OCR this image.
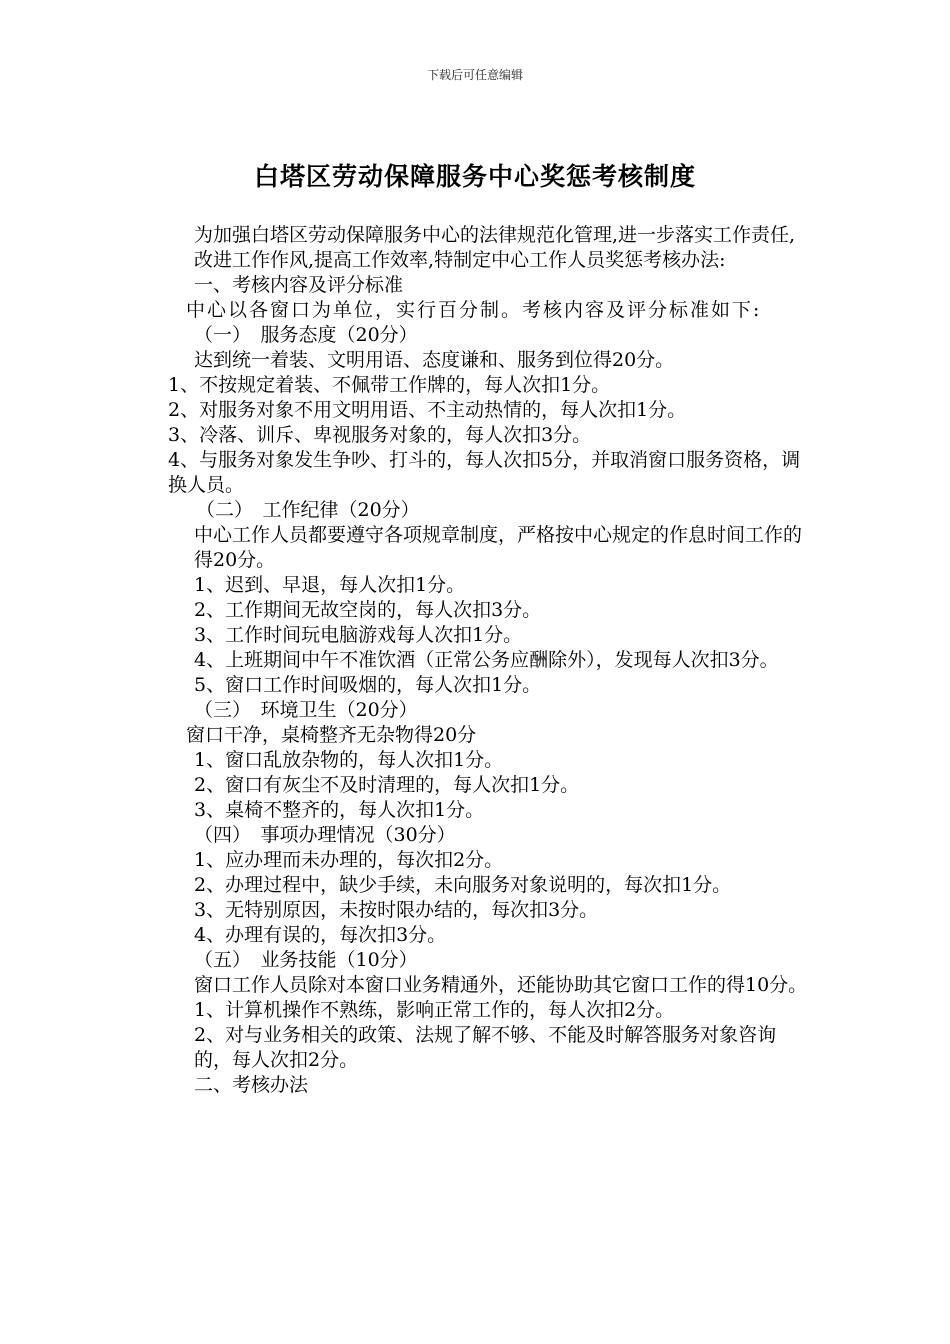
下载后可任意编辑
白塔区劳动保障服务中心奖惩考核制度

为加强白塔区劳动保障服务中心的法律规范化管理,进一步落实工作责任,改进工作作风,提高工作效率,特制定中心工作人员奖惩考核办法:

一、考核内容及评分标准

中心以各窗口为单位，实行百分制。考核内容及评分标准如下:

（一）　服务态度（20分）

达到统一着装、文明用语、态度谦和、服务到位得20分。

1、不按规定着装、不佩带工作牌的，每人次扣1分。

2、对服务对象不用文明用语、不主动热情的，每人次扣1分。

3、冷落、训斥、卑视服务对象的，每人次扣3分。

4、与服务对象发生争吵、打斗的，每人次扣5分，并取消窗口服务资格，调换人员。

（二）　工作纪律（20分）

中心工作人员都要遵守各项规章制度，严格按中心规定的作息时间工作的得20分。

1、迟到、早退，每人次扣1分。

2、工作期间无故空岗的，每人次扣3分。

3、工作时间玩电脑游戏每人次扣1分。

4、上班期间中午不准饮酒（正常公务应酬除外），发现每人次扣3分。

5、窗口工作时间吸烟的，每人次扣1分。

（三）　环境卫生（20分）

窗口干净，桌椅整齐无杂物得20分

1、窗口乱放杂物的，每人次扣1分。

2、窗口有灰尘不及时清理的，每人次扣1分。

3、桌椅不整齐的，每人次扣1分。

（四）　事项办理情况（30分）

1、应办理而未办理的，每次扣2分。

2、办理过程中，缺少手续，未向服务对象说明的，每次扣1分。

3、无特别原因，未按时限办结的，每次扣3分。

4、办理有误的，每次扣3分。

（五）　业务技能（10分）

窗口工作人员除对本窗口业务精通外，还能协助其它窗口工作的得10分。

1、计算机操作不熟练，影响正常工作的，每人次扣2分。

2、对与业务相关的政策、法规了解不够、不能及时解答服务对象咨询的，每人次扣2分。

二、考核办法
